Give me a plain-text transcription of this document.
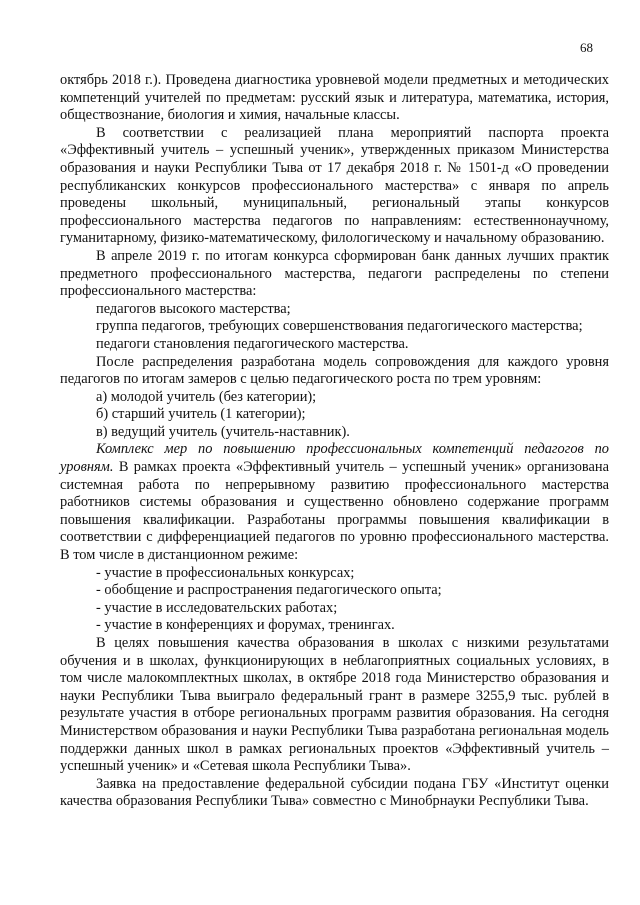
68

октябрь 2018 г.). Проведена диагностика уровневой модели предметных и методических компетенций учителей по предметам: русский язык и литература, математика, история, обществознание, биология и химия, начальные классы.

В соответствии с реализацией плана мероприятий паспорта проекта «Эффективный учитель – успешный ученик», утвержденных приказом Министерства образования и науки Республики Тыва от 17 декабря 2018 г. № 1501-д «О проведении республиканских конкурсов профессионального мастерства» с января по апрель проведены школьный, муниципальный, региональный этапы конкурсов профессионального мастерства педагогов по направлениям: естественнонаучному, гуманитарному, физико-математическому, филологическому и начальному образованию.

В апреле 2019 г. по итогам конкурса сформирован банк данных лучших практик предметного профессионального мастерства, педагоги распределены по степени профессионального мастерства:

педагогов высокого мастерства;

группа педагогов, требующих совершенствования педагогического мастерства;

педагоги становления педагогического мастерства.

После распределения разработана модель сопровождения для каждого уровня педагогов по итогам замеров с целью педагогического роста по трем уровням:

а) молодой учитель (без категории);

б) старший учитель (1 категории);

в) ведущий учитель (учитель-наставник).

Комплекс мер по повышению профессиональных компетенций педагогов по уровням. В рамках проекта «Эффективный учитель – успешный ученик» организована системная работа по непрерывному развитию профессионального мастерства работников системы образования и существенно обновлено содержание программ повышения квалификации. Разработаны программы повышения квалификации в соответствии с дифференциацией педагогов по уровню профессионального мастерства. В том числе в дистанционном режиме:

- участие в профессиональных конкурсах;

- обобщение и распространения педагогического опыта;

- участие в исследовательских работах;

- участие в конференциях и форумах, тренингах.

В целях повышения качества образования в школах с низкими результатами обучения и в школах, функционирующих в неблагоприятных социальных условиях, в том числе малокомплектных школах, в октябре 2018 года Министерство образования и науки Республики Тыва выиграло федеральный грант в размере 3255,9 тыс. рублей в результате участия в отборе региональных программ развития образования. На сегодня Министерством образования и науки Республики Тыва разработана региональная модель поддержки данных школ в рамках региональных проектов «Эффективный учитель – успешный ученик» и «Сетевая школа Республики Тыва».

Заявка на предоставление федеральной субсидии подана ГБУ «Институт оценки качества образования Республики Тыва» совместно с Минобрнауки Республики Тыва.
